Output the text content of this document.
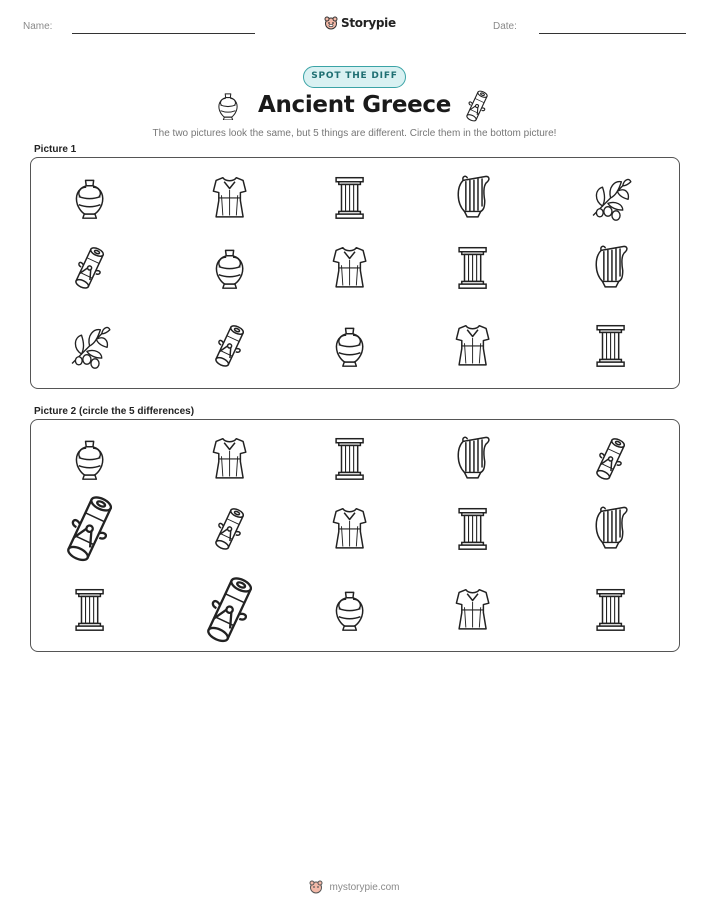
Name:	Storypie	Date:
SPOT THE DIFF
Ancient Greece
The two pictures look the same, but 5 things are different. Circle them in the bottom picture!
Picture 1
Picture 2 (circle the 5 differences)
mystorypie.com
